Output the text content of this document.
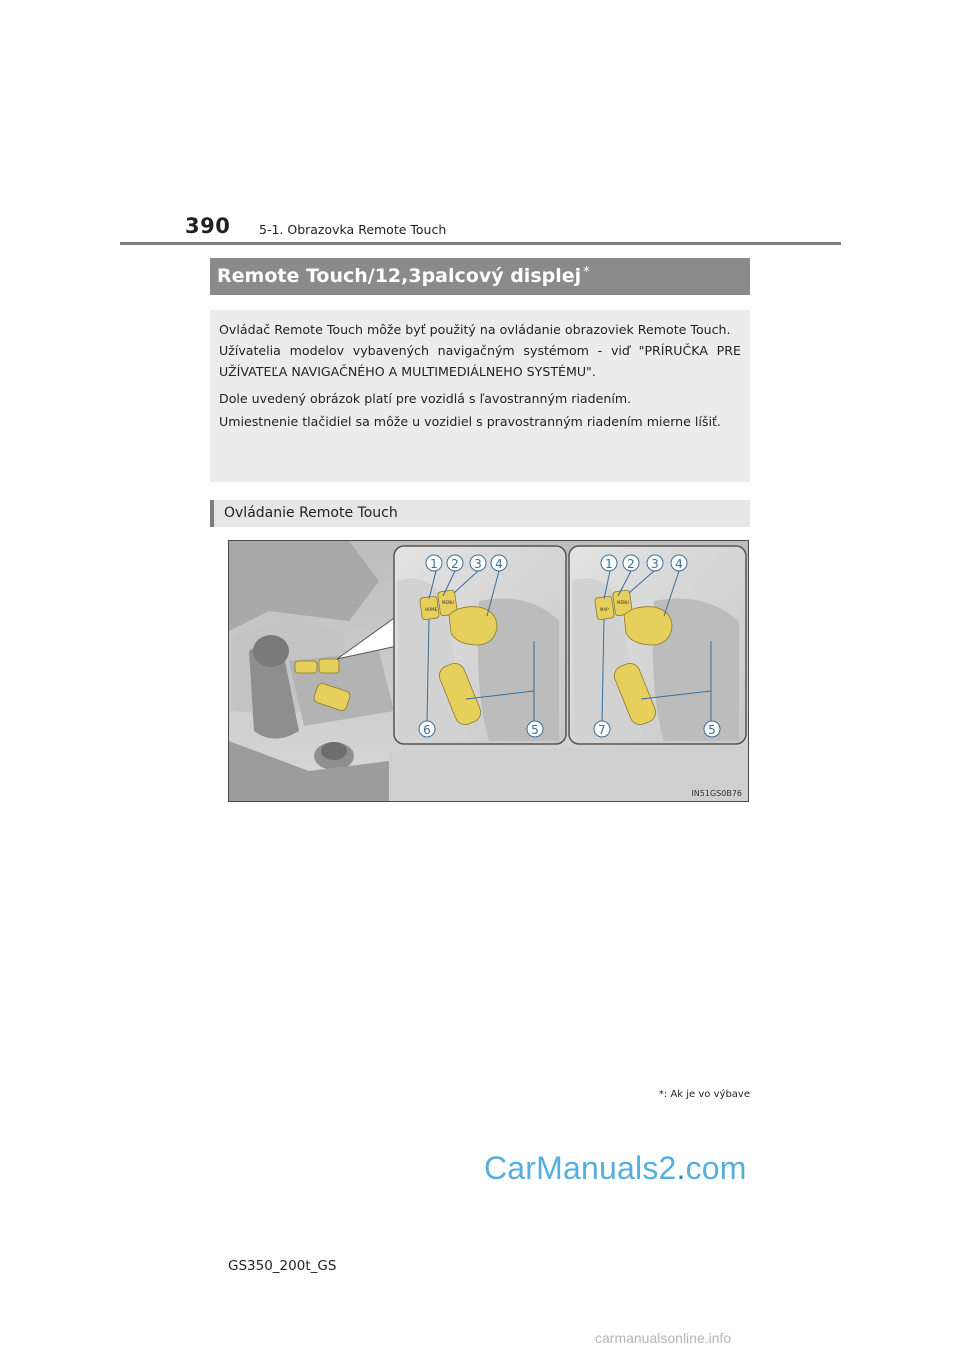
390 5-1. Obrazovka Remote Touch
Remote Touch/12,3palcový displej *
Ovládač Remote Touch môže byť použitý na ovládanie obrazoviek Remote Touch.
Užívatelia modelov vybavených navigačným systémom - viď "PRÍRUČKA PRE UŽÍVATEĽA NAVIGAČNÉHO A MULTIMEDIÁLNEHO SYSTÉMU".
Dole uvedený obrázok platí pre vozidlá s ľavostranným riadením.
Umiestnenie tlačidiel sa môže u vozidiel s pravostranným riadením mierne líšiť.
Ovládanie Remote Touch
HOME
MENU
1 2 3 4
6	5
MAP
MENU
1 2 3 4
7	5
IN51GS0B76
*: Ak je vo výbave
CarManuals2.com
GS350_200t_GS
carmanualsonline.info
